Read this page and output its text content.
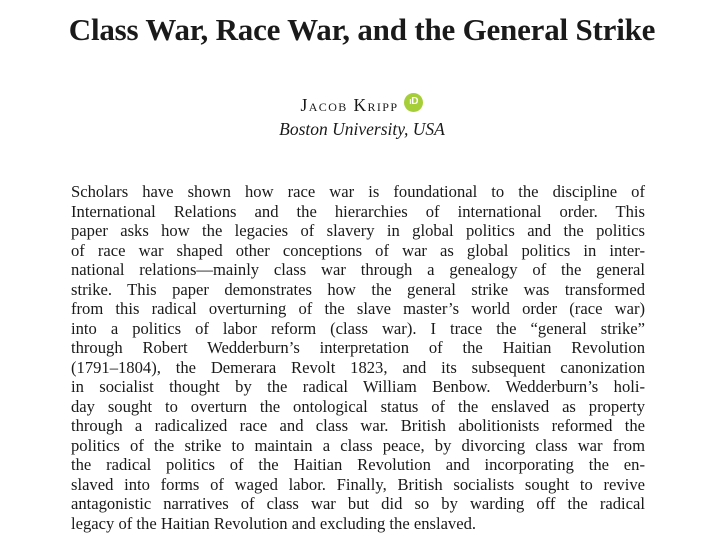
Class War, Race War, and the General Strike
Jacob Kripp	iD
Boston University, USA
Scholars have shown how race war is foundational to the discipline of
International Relations and the hierarchies of international order. This
paper asks how the legacies of slavery in global politics and the politics
of race war shaped other conceptions of war as global politics in inter-
national relations—mainly class war through a genealogy of the general
strike. This paper demonstrates how the general strike was transformed
from this radical overturning of the slave master’s world order (race war)
into a politics of labor reform (class war). I trace the “general strike”
through Robert Wedderburn’s interpretation of the Haitian Revolution
(1791–1804), the Demerara Revolt 1823, and its subsequent canonization
in socialist thought by the radical William Benbow. Wedderburn’s holi-
day sought to overturn the ontological status of the enslaved as property
through a radicalized race and class war. British abolitionists reformed the
politics of the strike to maintain a class peace, by divorcing class war from
the radical politics of the Haitian Revolution and incorporating the en-
slaved into forms of waged labor. Finally, British socialists sought to revive
antagonistic narratives of class war but did so by warding off the radical
legacy of the Haitian Revolution and excluding the enslaved.
